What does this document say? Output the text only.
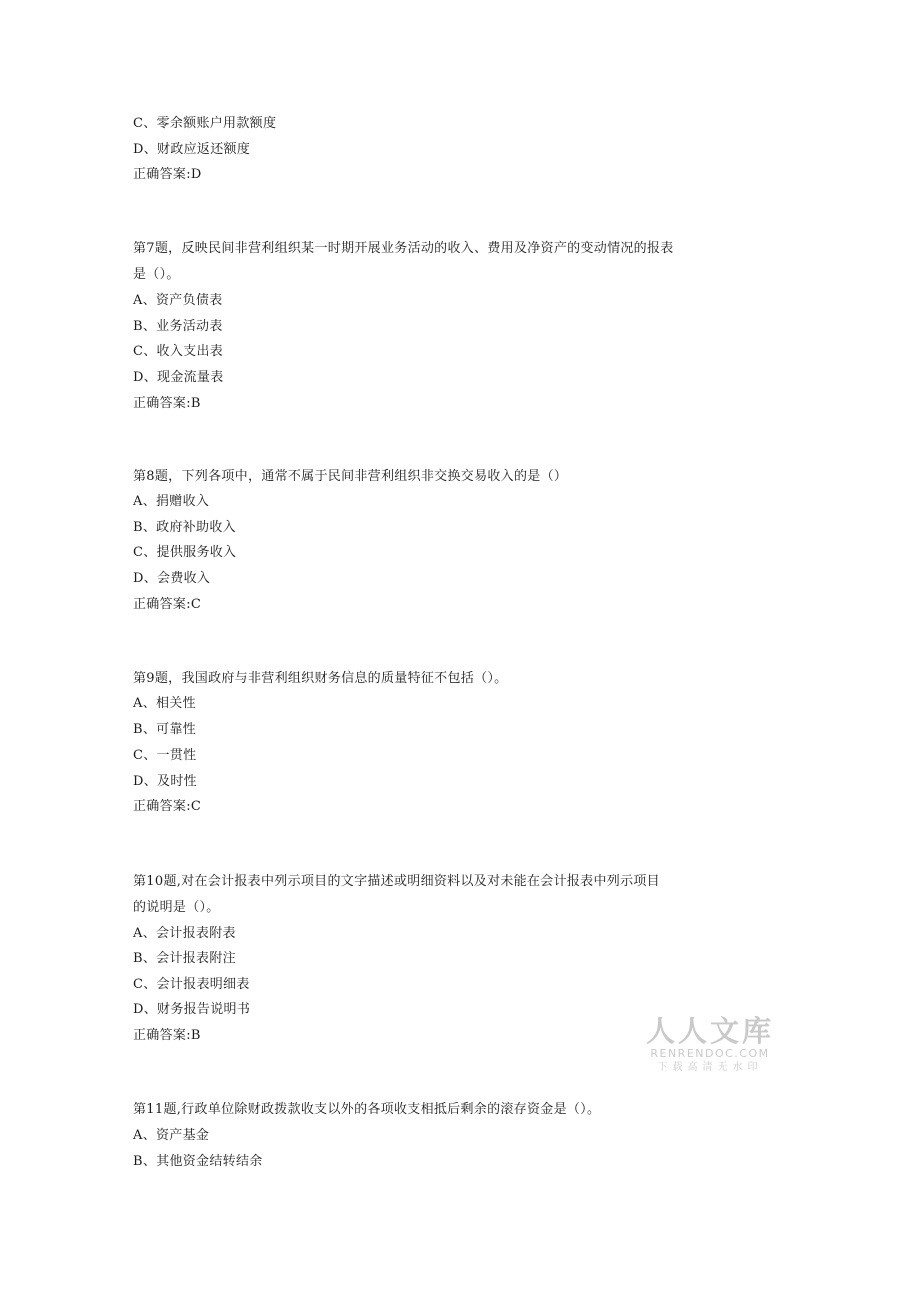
C、零余额账户用款额度
D、财政应返还额度
正确答案:D
第7题，反映民间非营利组织某一时期开展业务活动的收入、费用及净资产的变动情况的报表
是（）。
A、资产负债表
B、业务活动表
C、收入支出表
D、现金流量表
正确答案:B
第8题，下列各项中，通常不属于民间非营利组织非交换交易收入的是（）
A、捐赠收入
B、政府补助收入
C、提供服务收入
D、会费收入
正确答案:C
第9题，我国政府与非营利组织财务信息的质量特征不包括（）。
A、相关性
B、可靠性
C、一贯性
D、及时性
正确答案:C
第10题,对在会计报表中列示项目的文字描述或明细资料以及对未能在会计报表中列示项目
的说明是（）。
A、会计报表附表
B、会计报表附注
C、会计报表明细表
D、财务报告说明书
正确答案:B
第11题,行政单位除财政拨款收支以外的各项收支相抵后剩余的滚存资金是（）。
A、资产基金
B、其他资金结转结余
人人文库
RENRENDOC.COM
下载高清无水印
